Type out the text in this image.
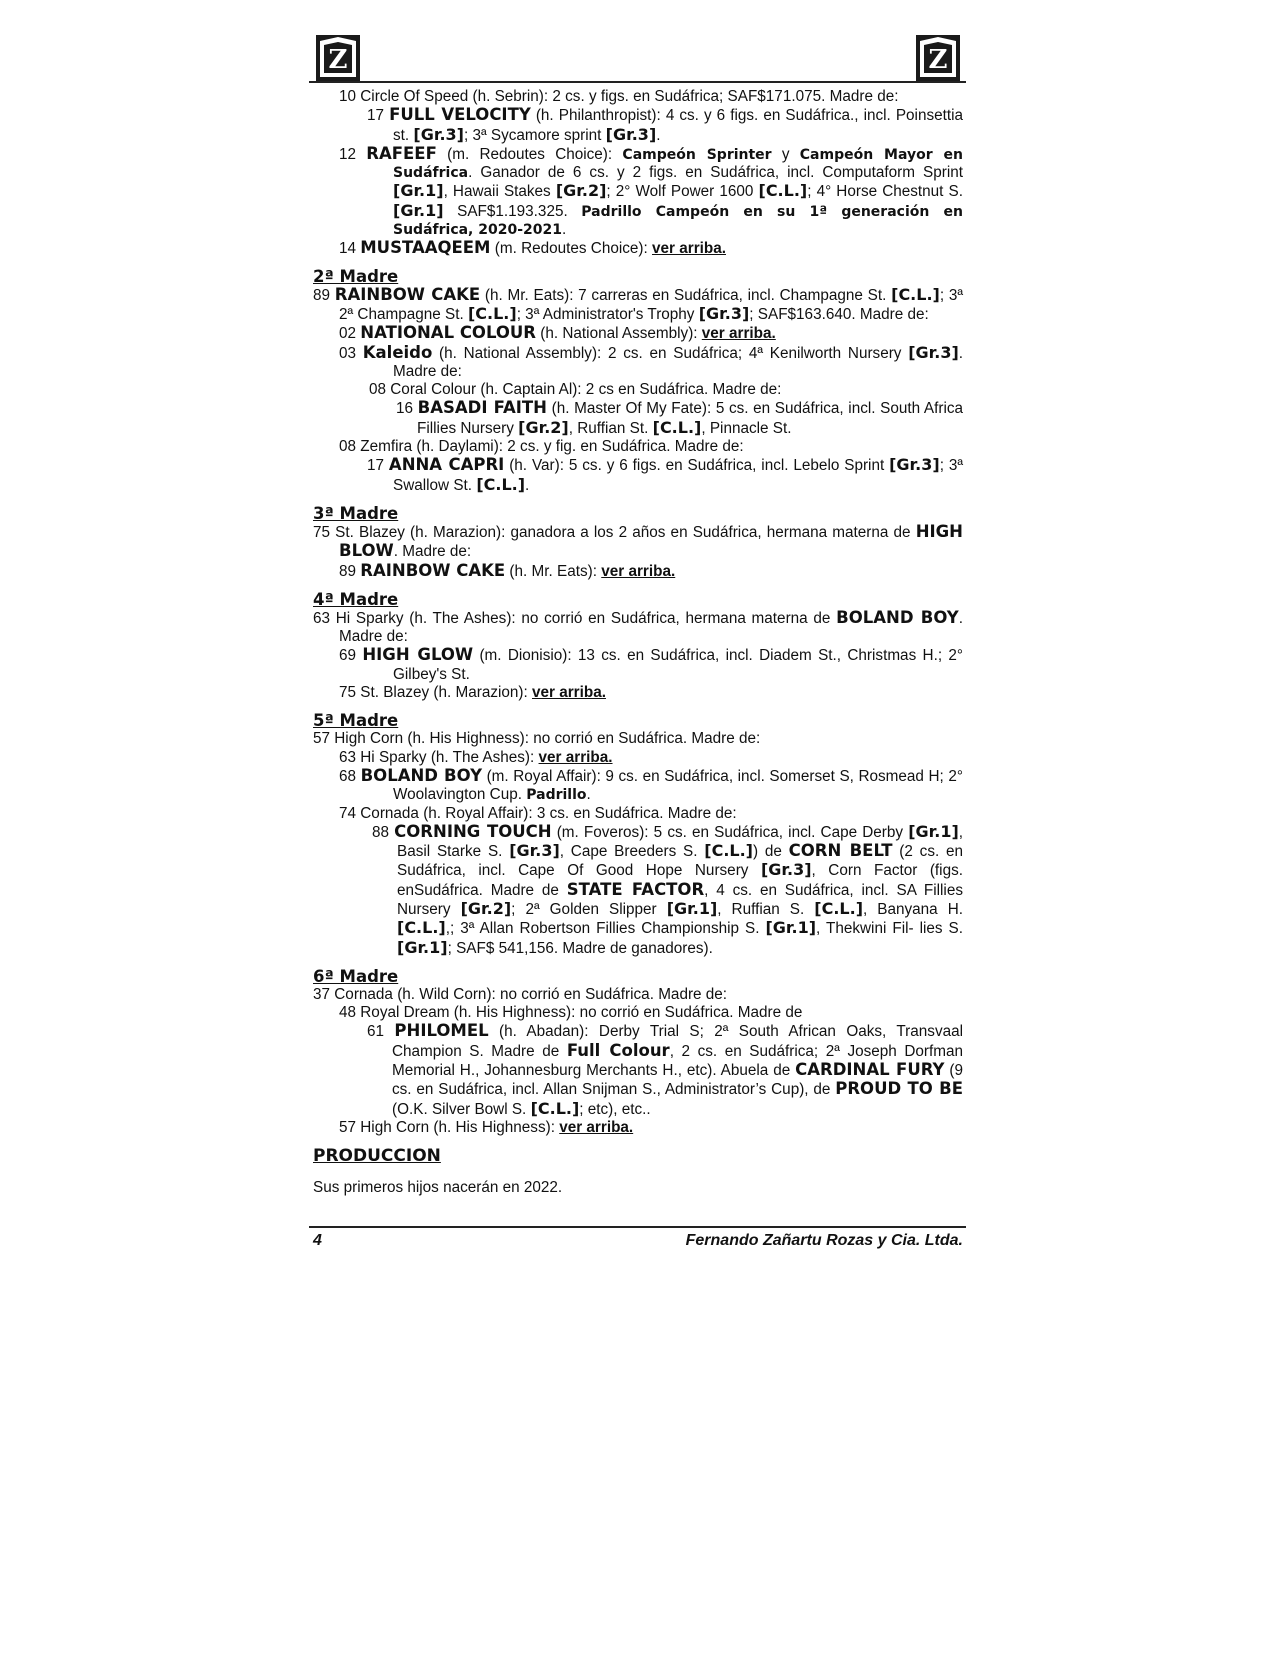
Z	Z
10 Circle Of Speed (h. Sebrin): 2 cs. y figs. en Sudáfrica; SAF$171.075. Madre de:
17 FULL VELOCITY (h. Philanthropist): 4 cs. y 6 figs. en Sudáfrica., incl. Poinsettia st. [Gr.3]; 3ª Sycamore sprint [Gr.3].
12 RAFEEF (m. Redoutes Choice): Campeón Sprinter y Campeón Mayor en Sudáfrica. Ganador de 6 cs. y 2 figs. en Sudáfrica, incl. Computaform Sprint [Gr.1], Hawaii Stakes [Gr.2]; 2° Wolf Power 1600 [C.L.]; 4° Horse Chestnut S. [Gr.1] SAF$1.193.325. Padrillo Campeón en su 1ª generación en Sudáfrica, 2020-2021.
14 MUSTAAQEEM (m. Redoutes Choice): ver arriba.
2ª Madre
89 RAINBOW CAKE (h. Mr. Eats): 7 carreras en Sudáfrica, incl. Champagne St. [C.L.]; 3ª 2ª Champagne St. [C.L.]; 3ª Administrator's Trophy [Gr.3]; SAF$163.640. Madre de:
02 NATIONAL COLOUR (h. National Assembly): ver arriba.
03 Kaleido (h. National Assembly): 2 cs. en Sudáfrica; 4ª Kenilworth Nursery [Gr.3]. Madre de:
08 Coral Colour (h. Captain Al): 2 cs en Sudáfrica. Madre de:
16 BASADI FAITH (h. Master Of My Fate): 5 cs. en Sudáfrica, incl. South Africa Fillies Nursery [Gr.2], Ruffian St. [C.L.], Pinnacle St.
08 Zemfira (h. Daylami): 2 cs. y fig. en Sudáfrica. Madre de:
17 ANNA CAPRI (h. Var): 5 cs. y 6 figs. en Sudáfrica, incl. Lebelo Sprint [Gr.3]; 3ª Swallow St. [C.L.].
3ª Madre
75 St. Blazey (h. Marazion): ganadora a los 2 años en Sudáfrica, hermana materna de HIGH BLOW. Madre de:
89 RAINBOW CAKE (h. Mr. Eats): ver arriba.
4ª Madre
63 Hi Sparky (h. The Ashes): no corrió en Sudáfrica, hermana materna de BOLAND BOY. Madre de:
69 HIGH GLOW (m. Dionisio): 13 cs. en Sudáfrica, incl. Diadem St., Christmas H.; 2° Gilbey's St.
75 St. Blazey (h. Marazion): ver arriba.
5ª Madre
57 High Corn (h. His Highness): no corrió en Sudáfrica. Madre de:
63 Hi Sparky (h. The Ashes): ver arriba.
68 BOLAND BOY (m. Royal Affair): 9 cs. en Sudáfrica, incl. Somerset S, Rosmead H; 2° Woolavington Cup. Padrillo.
74 Cornada (h. Royal Affair): 3 cs. en Sudáfrica. Madre de:
88 CORNING TOUCH (m. Foveros): 5 cs. en Sudáfrica, incl. Cape Derby [Gr.1], Basil Starke S. [Gr.3], Cape Breeders S. [C.L.]) de CORN BELT (2 cs. en Sudáfrica, incl. Cape Of Good Hope Nursery [Gr.3], Corn Factor (figs. enSudáfrica. Madre de STATE FACTOR, 4 cs. en Sudáfrica, incl. SA Fillies Nursery [Gr.2]; 2ª Golden Slipper [Gr.1], Ruffian S. [C.L.], Banyana H. [C.L.],; 3ª Allan Robertson Fillies Championship S. [Gr.1], Thekwini Fil- lies S. [Gr.1]; SAF$ 541,156. Madre de ganadores).
6ª Madre
37 Cornada (h. Wild Corn): no corrió en Sudáfrica. Madre de:
48 Royal Dream (h. His Highness): no corrió en Sudáfrica. Madre de
61 PHILOMEL (h. Abadan): Derby Trial S; 2ª South African Oaks, Transvaal Champion S. Madre de Full Colour, 2 cs. en Sudáfrica; 2ª Joseph Dorfman Memorial H., Johannesburg Merchants H., etc). Abuela de CARDINAL FURY (9 cs. en Sudáfrica, incl. Allan Snijman S., Administrator’s Cup), de PROUD TO BE (O.K. Silver Bowl S. [C.L.]; etc), etc..
57 High Corn (h. His Highness): ver arriba.
PRODUCCION
Sus primeros hijos nacerán en 2022.
4	Fernando Zañartu Rozas y Cia. Ltda.
